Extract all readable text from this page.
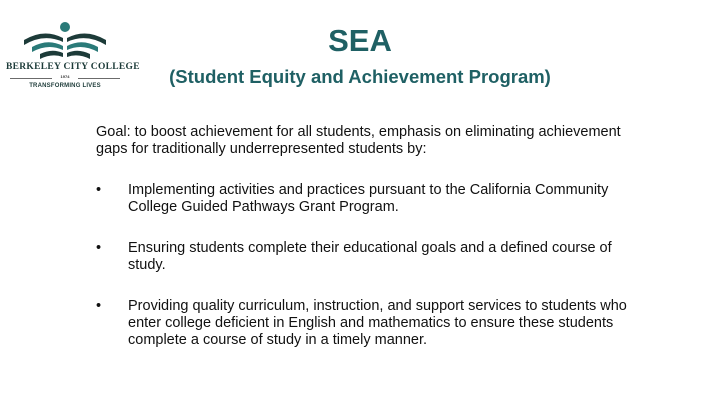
BERKELEY CITY COLLEGE
1974
TRANSFORMING LIVES
SEA
(Student Equity and Achievement Program)
Goal: to boost achievement for all students, emphasis on eliminating achievement gaps for traditionally underrepresented students by:
•	Implementing activities and practices pursuant to the California Community College Guided Pathways Grant Program.
•	Ensuring students complete their educational goals and a defined course of study.
•	Providing quality curriculum, instruction, and support services to students who enter college deficient in English and mathematics to ensure these students complete a course of study in a timely manner.
